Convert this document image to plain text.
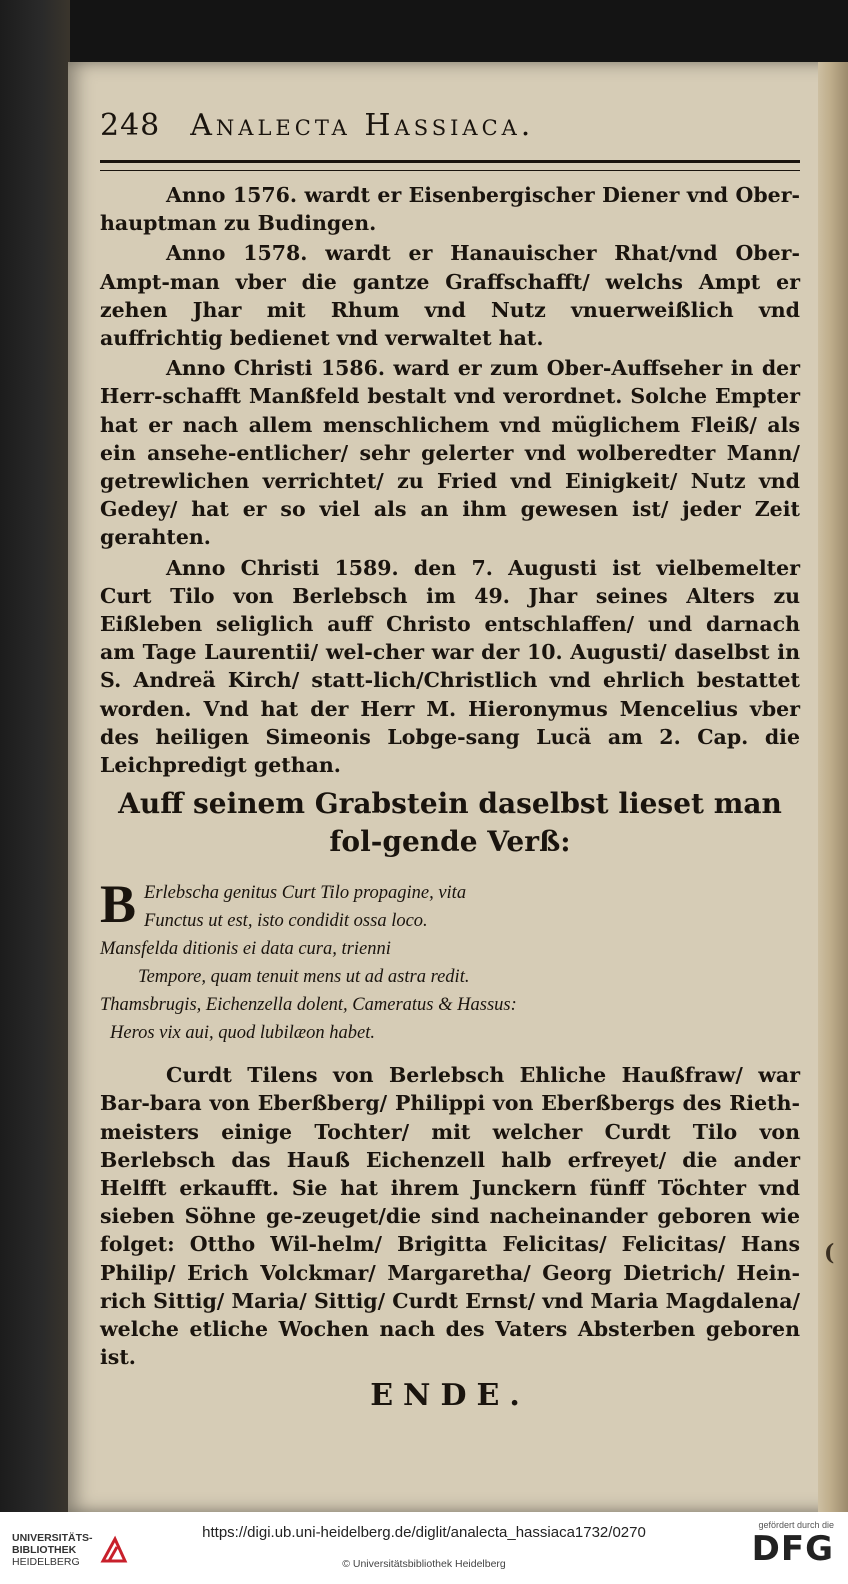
(
248 Analecta Hassiaca.

Anno 1576. wardt er Eisenbergischer Diener vnd Ober-hauptman zu Budingen.

Anno 1578. wardt er Hanauischer Rhat/vnd Ober-Ampt-man vber die gantze Graffschafft/ welchs Ampt er zehen Jhar mit Rhum vnd Nutz vnuerweißlich vnd auffrichtig bedienet vnd verwaltet hat.

Anno Christi 1586. ward er zum Ober-Auffseher in der Herr-schafft Manßfeld bestalt vnd verordnet. Solche Empter hat er nach allem menschlichem vnd müglichem Fleiß/ als ein ansehe-entlicher/ sehr gelerter vnd wolberedter Mann/ getrewlichen verrichtet/ zu Fried vnd Einigkeit/ Nutz vnd Gedey/ hat er so viel als an ihm gewesen ist/ jeder Zeit gerahten.

Anno Christi 1589. den 7. Augusti ist vielbemelter Curt Tilo von Berlebsch im 49. Jhar seines Alters zu Eißleben seliglich auff Christo entschlaffen/ und darnach am Tage Laurentii/ wel-cher war der 10. Augusti/ daselbst in S. Andreä Kirch/ statt-lich/Christlich vnd ehrlich bestattet worden. Vnd hat der Herr M. Hieronymus Mencelius vber des heiligen Simeonis Lobge-sang Lucä am 2. Cap. die Leichpredigt gethan.

Auff seinem Grabstein daselbst lieset man fol-gende Verß:
B Erlebscha genitus Curt Tilo propagine, vita
Functus ut est, isto condidit ossa loco.
Mansfelda ditionis ei data cura, trienni
Tempore, quam tenuit mens ut ad astra redit.
Thamsbrugis, Eichenzella dolent, Cameratus & Hassus:
Heros vix aui, quod lubilæon habet.

Curdt Tilens von Berlebsch Ehliche Haußfraw/ war Bar-bara von Eberßberg/ Philippi von Eberßbergs des Rieth-meisters einige Tochter/ mit welcher Curdt Tilo von Berlebsch das Hauß Eichenzell halb erfreyet/ die ander Helfft erkaufft. Sie hat ihrem Junckern fünff Töchter vnd sieben Söhne ge-zeuget/die sind nacheinander geboren wie folget: Ottho Wil-helm/ Brigitta Felicitas/ Felicitas/ Hans Philip/ Erich Volckmar/ Margaretha/ Georg Dietrich/ Hein-rich Sittig/ Maria/ Sittig/ Curdt Ernst/ vnd Maria Magdalena/ welche etliche Wochen nach des Vaters Absterben geboren ist.

ENDE.
UNIVERSITÄTS-
BIBLIOTHEK
HEIDELBERG
https://digi.ub.uni-heidelberg.de/diglit/analecta_hassiaca1732/0270
© Universitätsbibliothek Heidelberg
gefördert durch die
DFG
